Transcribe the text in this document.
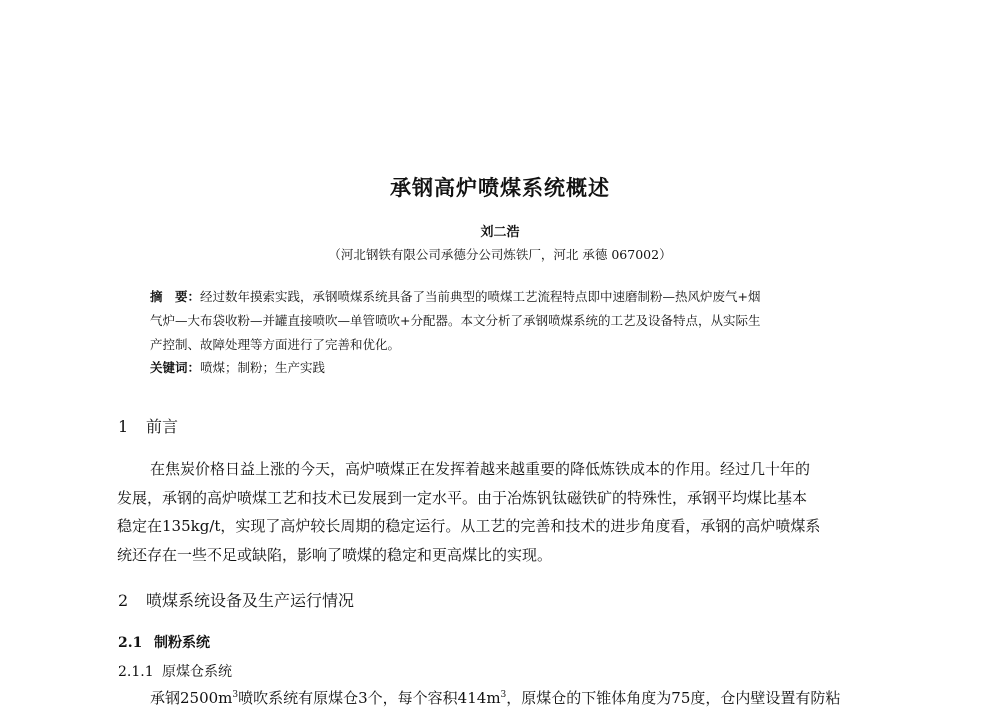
承钢高炉喷煤系统概述
刘二浩
（河北钢铁有限公司承德分公司炼铁厂，河北 承德 067002）
摘　要：经过数年摸索实践，承钢喷煤系统具备了当前典型的喷煤工艺流程特点即中速磨制粉—热风炉废气+烟
气炉—大布袋收粉—并罐直接喷吹—单管喷吹+分配器。本文分析了承钢喷煤系统的工艺及设备特点，从实际生
产控制、故障处理等方面进行了完善和优化。
关键词：喷煤；制粉；生产实践
1 前言
在焦炭价格日益上涨的今天，高炉喷煤正在发挥着越来越重要的降低炼铁成本的作用。经过几十年的
发展，承钢的高炉喷煤工艺和技术已发展到一定水平。由于冶炼钒钛磁铁矿的特殊性，承钢平均煤比基本
稳定在135kg/t，实现了高炉较长周期的稳定运行。从工艺的完善和技术的进步角度看，承钢的高炉喷煤系
统还存在一些不足或缺陷，影响了喷煤的稳定和更高煤比的实现。
2 喷煤系统设备及生产运行情况
2.1 制粉系统
2.1.1 原煤仓系统
承钢$2500m^3$喷吹系统有原煤仓3个，每个容积$414m^3$，原煤仓的下锥体角度为75度，仓内壁设置有防粘
